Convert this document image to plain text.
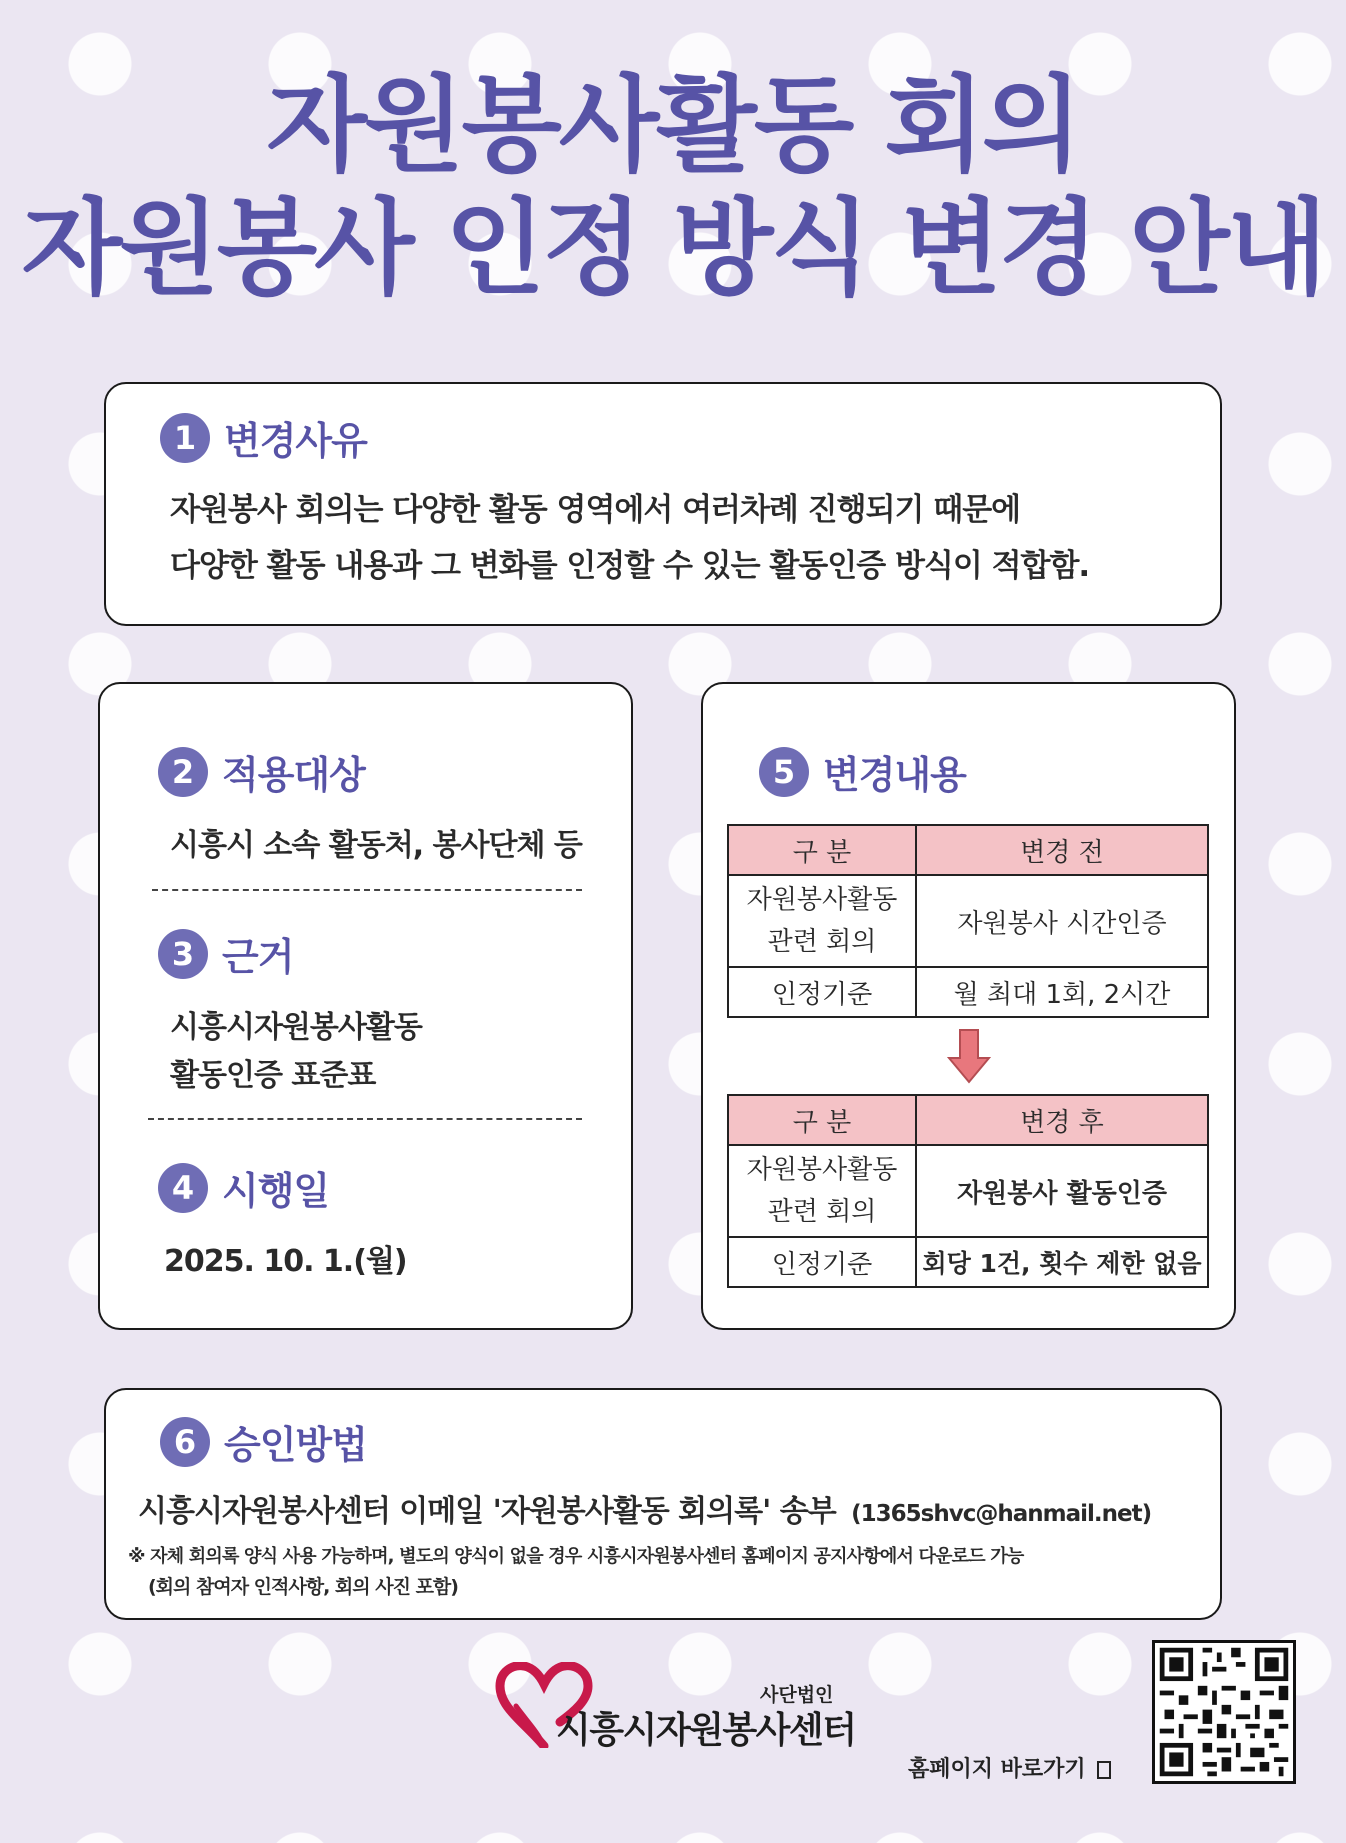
자원봉사활동 회의
자원봉사 인정 방식 변경 안내
1 변경사유
자원봉사 회의는 다양한 활동 영역에서 여러차례 진행되기 때문에
다양한 활동 내용과 그 변화를 인정할 수 있는 활동인증 방식이 적합함.
2 적용대상
시흥시 소속 활동처, 봉사단체 등
3 근거
시흥시자원봉사활동
활동인증 표준표
4 시행일
2025. 10. 1.(월)
5 변경내용
구 분	변경 전
자원봉사활동
관련 회의	자원봉사 시간인증
인정기준	월 최대 1회, 2시간
구 분	변경 후
자원봉사활동
관련 회의	자원봉사 활동인증
인정기준	회당 1건, 횟수 제한 없음
6 승인방법
시흥시자원봉사센터 이메일 '자원봉사활동 회의록' 송부 (1365shvc@hanmail.net)
※ 자체 회의록 양식 사용 가능하며, 별도의 양식이 없을 경우 시흥시자원봉사센터 홈페이지 공지사항에서 다운로드 가능
(회의 참여자 인적사항, 회의 사진 포함)
사단법인
시흥시자원봉사센터
홈페이지 바로가기
